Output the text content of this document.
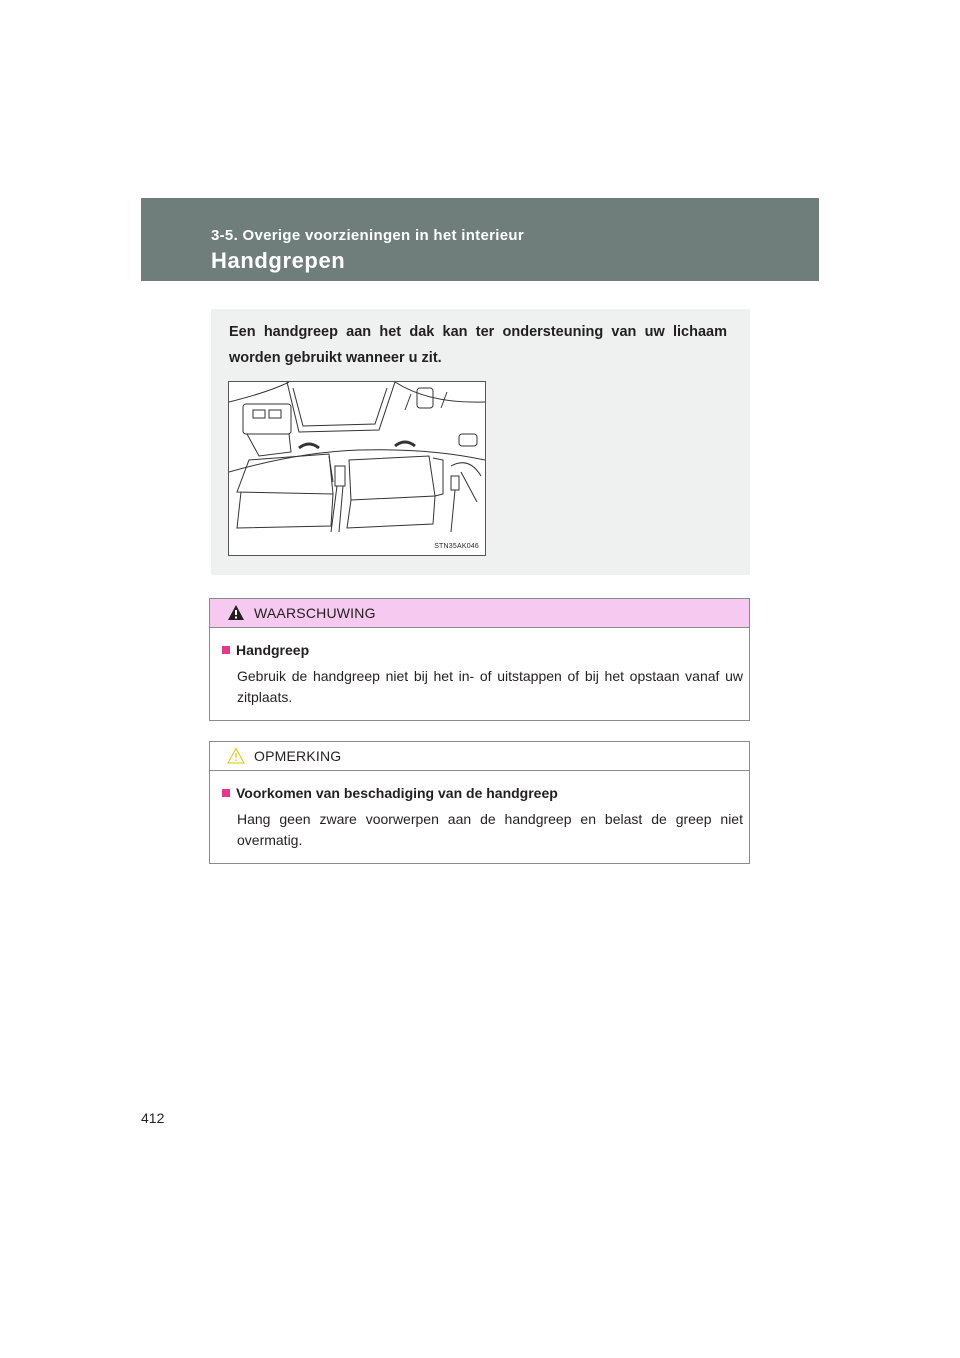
3-5. Overige voorzieningen in het interieur
Handgrepen
Een handgreep aan het dak kan ter ondersteuning van uw lichaam worden gebruikt wanneer u zit.
STN35AK046
WAARSCHUWING
Handgreep
Gebruik de handgreep niet bij het in- of uitstappen of bij het opstaan vanaf uw zitplaats.
OPMERKING
Voorkomen van beschadiging van de handgreep
Hang geen zware voorwerpen aan de handgreep en belast de greep niet overmatig.
412
